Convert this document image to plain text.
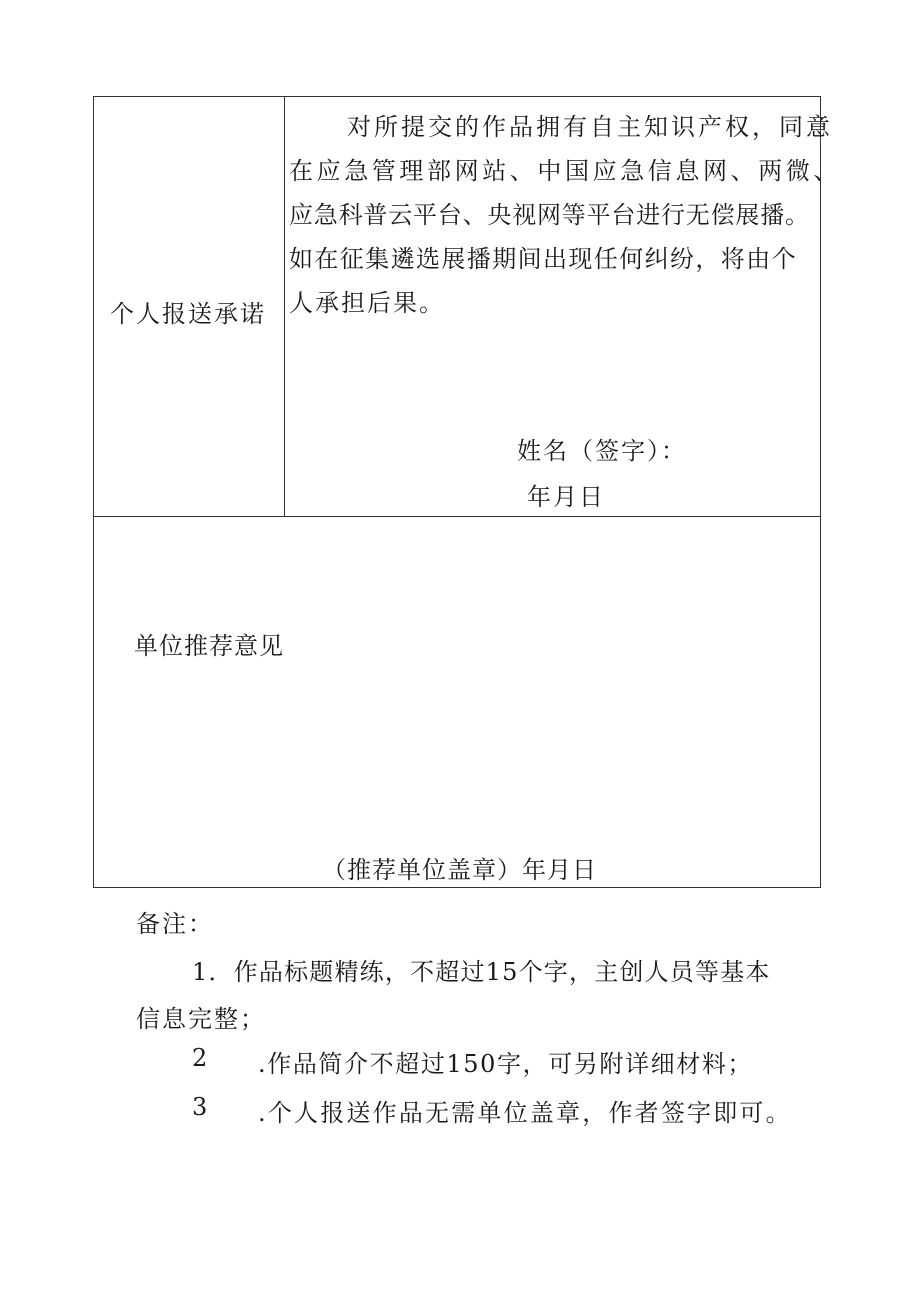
个人报送承诺
对所提交的作品拥有自主知识产权，同意
在应急管理部网站、中国应急信息网、两微、
应急科普云平台、央视网等平台进行无偿展播。
如在征集遴选展播期间出现任何纠纷，将由个
人承担后果。
姓名（签字）：
年月日
单位推荐意见
（推荐单位盖章）年月日
备注：
1．作品标题精练，不超过15个字，主创人员等基本
信息完整；
2 .作品简介不超过150字，可另附详细材料；
3 .个人报送作品无需单位盖章，作者签字即可。
